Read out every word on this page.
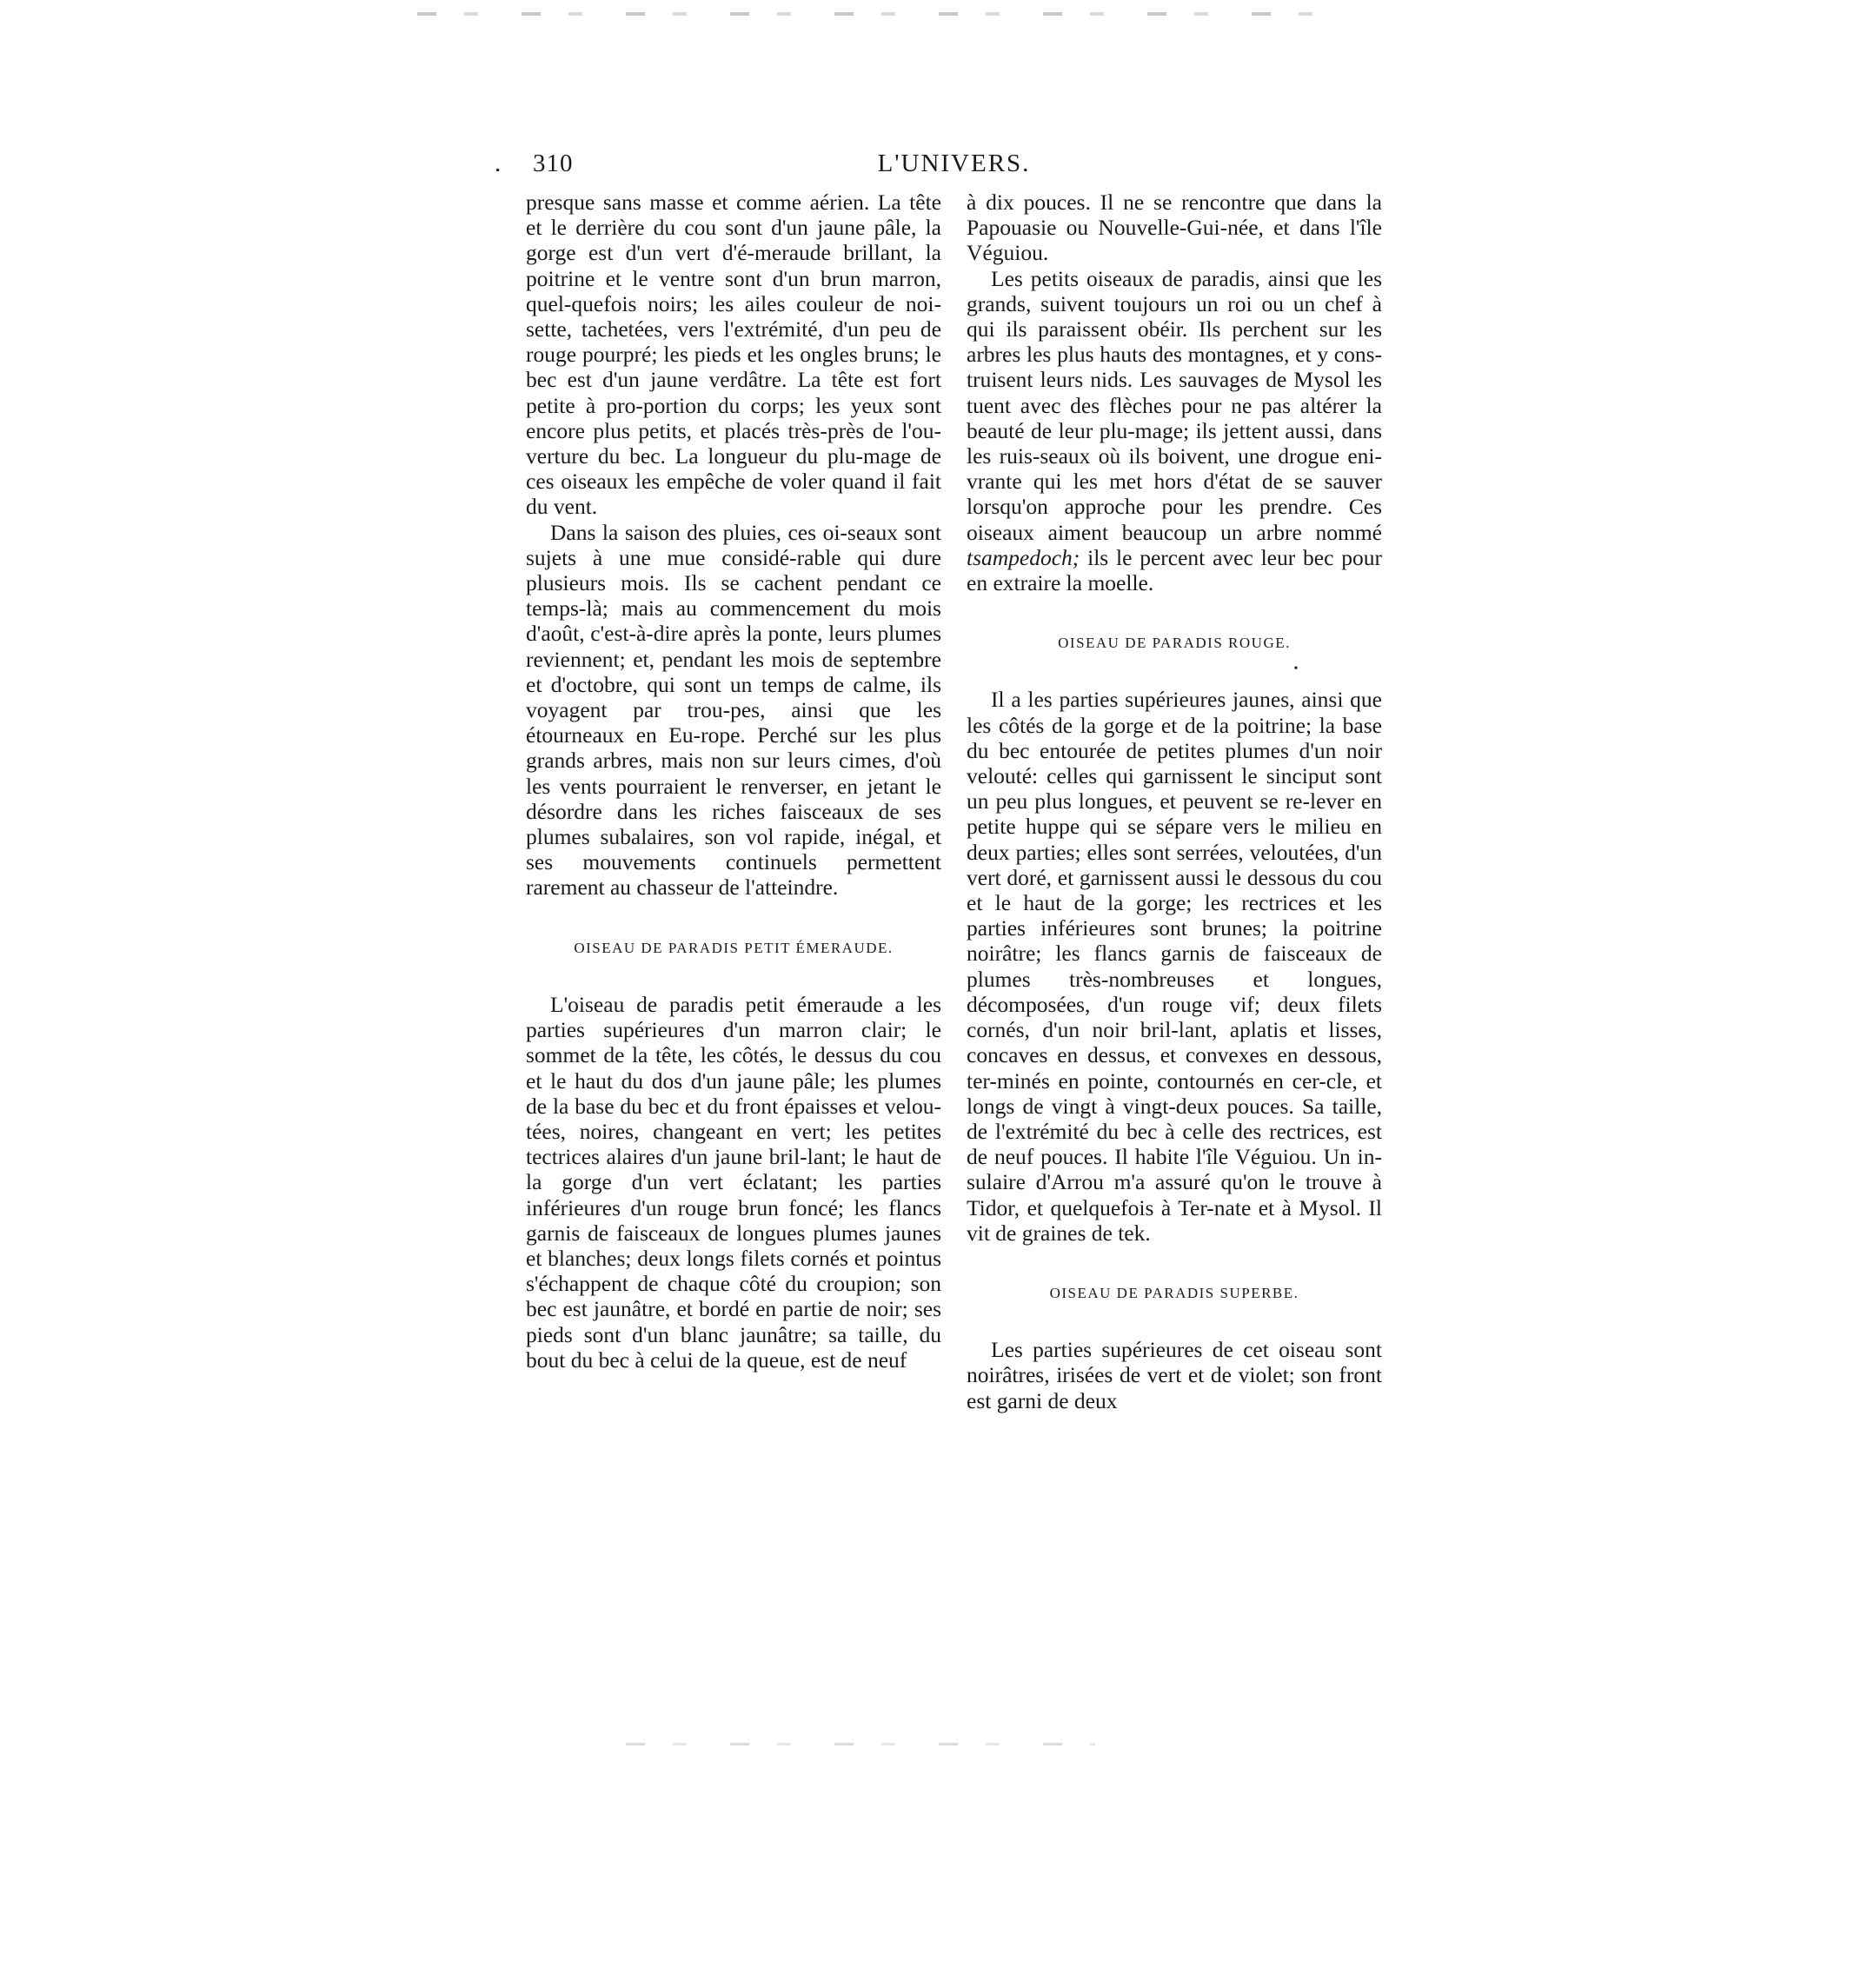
. 310	L'UNIVERS.

presque sans masse et comme aérien. La tête et le derrière du cou sont d'un jaune pâle, la gorge est d'un vert d'é-meraude brillant, la poitrine et le ventre sont d'un brun marron, quel-quefois noirs; les ailes couleur de noi-sette, tachetées, vers l'extrémité, d'un peu de rouge pourpré; les pieds et les ongles bruns; le bec est d'un jaune verdâtre. La tête est fort petite à pro-portion du corps; les yeux sont encore plus petits, et placés très-près de l'ou-verture du bec. La longueur du plu-mage de ces oiseaux les empêche de voler quand il fait du vent.

Dans la saison des pluies, ces oi-seaux sont sujets à une mue considé-rable qui dure plusieurs mois. Ils se cachent pendant ce temps-là; mais au commencement du mois d'août, c'est-à-dire après la ponte, leurs plumes reviennent; et, pendant les mois de septembre et d'octobre, qui sont un temps de calme, ils voyagent par trou-pes, ainsi que les étourneaux en Eu-rope. Perché sur les plus grands arbres, mais non sur leurs cimes, d'où les vents pourraient le renverser, en jetant le désordre dans les riches faisceaux de ses plumes subalaires, son vol rapide, inégal, et ses mouvements continuels permettent rarement au chasseur de l'atteindre.

OISEAU DE PARADIS PETIT ÉMERAUDE.

L'oiseau de paradis petit émeraude a les parties supérieures d'un marron clair; le sommet de la tête, les côtés, le dessus du cou et le haut du dos d'un jaune pâle; les plumes de la base du bec et du front épaisses et velou-tées, noires, changeant en vert; les petites tectrices alaires d'un jaune bril-lant; le haut de la gorge d'un vert éclatant; les parties inférieures d'un rouge brun foncé; les flancs garnis de faisceaux de longues plumes jaunes et blanches; deux longs filets cornés et pointus s'échappent de chaque côté du croupion; son bec est jaunâtre, et bordé en partie de noir; ses pieds sont d'un blanc jaunâtre; sa taille, du bout du bec à celui de la queue, est de neuf

à dix pouces. Il ne se rencontre que dans la Papouasie ou Nouvelle-Gui-née, et dans l'île Véguiou.

Les petits oiseaux de paradis, ainsi que les grands, suivent toujours un roi ou un chef à qui ils paraissent obéir. Ils perchent sur les arbres les plus hauts des montagnes, et y cons-truisent leurs nids. Les sauvages de Mysol les tuent avec des flèches pour ne pas altérer la beauté de leur plu-mage; ils jettent aussi, dans les ruis-seaux où ils boivent, une drogue eni-vrante qui les met hors d'état de se sauver lorsqu'on approche pour les prendre. Ces oiseaux aiment beaucoup un arbre nommé tsampedoch; ils le percent avec leur bec pour en extraire la moelle.

OISEAU DE PARADIS ROUGE.
•

Il a les parties supérieures jaunes, ainsi que les côtés de la gorge et de la poitrine; la base du bec entourée de petites plumes d'un noir velouté: celles qui garnissent le sinciput sont un peu plus longues, et peuvent se re-lever en petite huppe qui se sépare vers le milieu en deux parties; elles sont serrées, veloutées, d'un vert doré, et garnissent aussi le dessous du cou et le haut de la gorge; les rectrices et les parties inférieures sont brunes; la poitrine noirâtre; les flancs garnis de faisceaux de plumes très-nombreuses et longues, décomposées, d'un rouge vif; deux filets cornés, d'un noir bril-lant, aplatis et lisses, concaves en dessus, et convexes en dessous, ter-minés en pointe, contournés en cer-cle, et longs de vingt à vingt-deux pouces. Sa taille, de l'extrémité du bec à celle des rectrices, est de neuf pouces. Il habite l'île Véguiou. Un in-sulaire d'Arrou m'a assuré qu'on le trouve à Tidor, et quelquefois à Ter-nate et à Mysol. Il vit de graines de tek.

OISEAU DE PARADIS SUPERBE.

Les parties supérieures de cet oiseau sont noirâtres, irisées de vert et de violet; son front est garni de deux
